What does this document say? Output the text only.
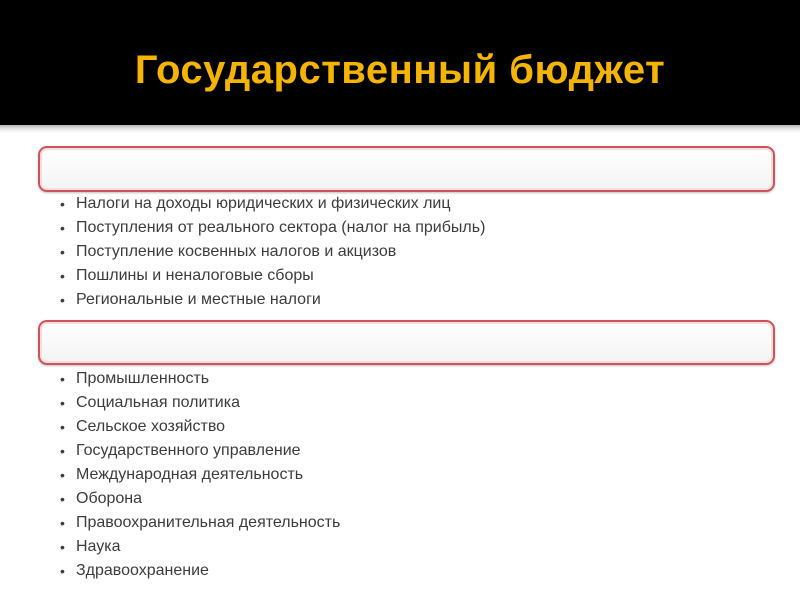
Государственный бюджет
• Налоги на доходы юридических и физических лиц
• Поступления от реального сектора (налог на прибыль)
• Поступление косвенных налогов и акцизов
• Пошлины и неналоговые сборы
• Региональные и местные налоги
• Промышленность
• Социальная политика
• Сельское хозяйство
• Государственного управление
• Международная деятельность
• Оборона
• Правоохранительная деятельность
• Наука
• Здравоохранение
